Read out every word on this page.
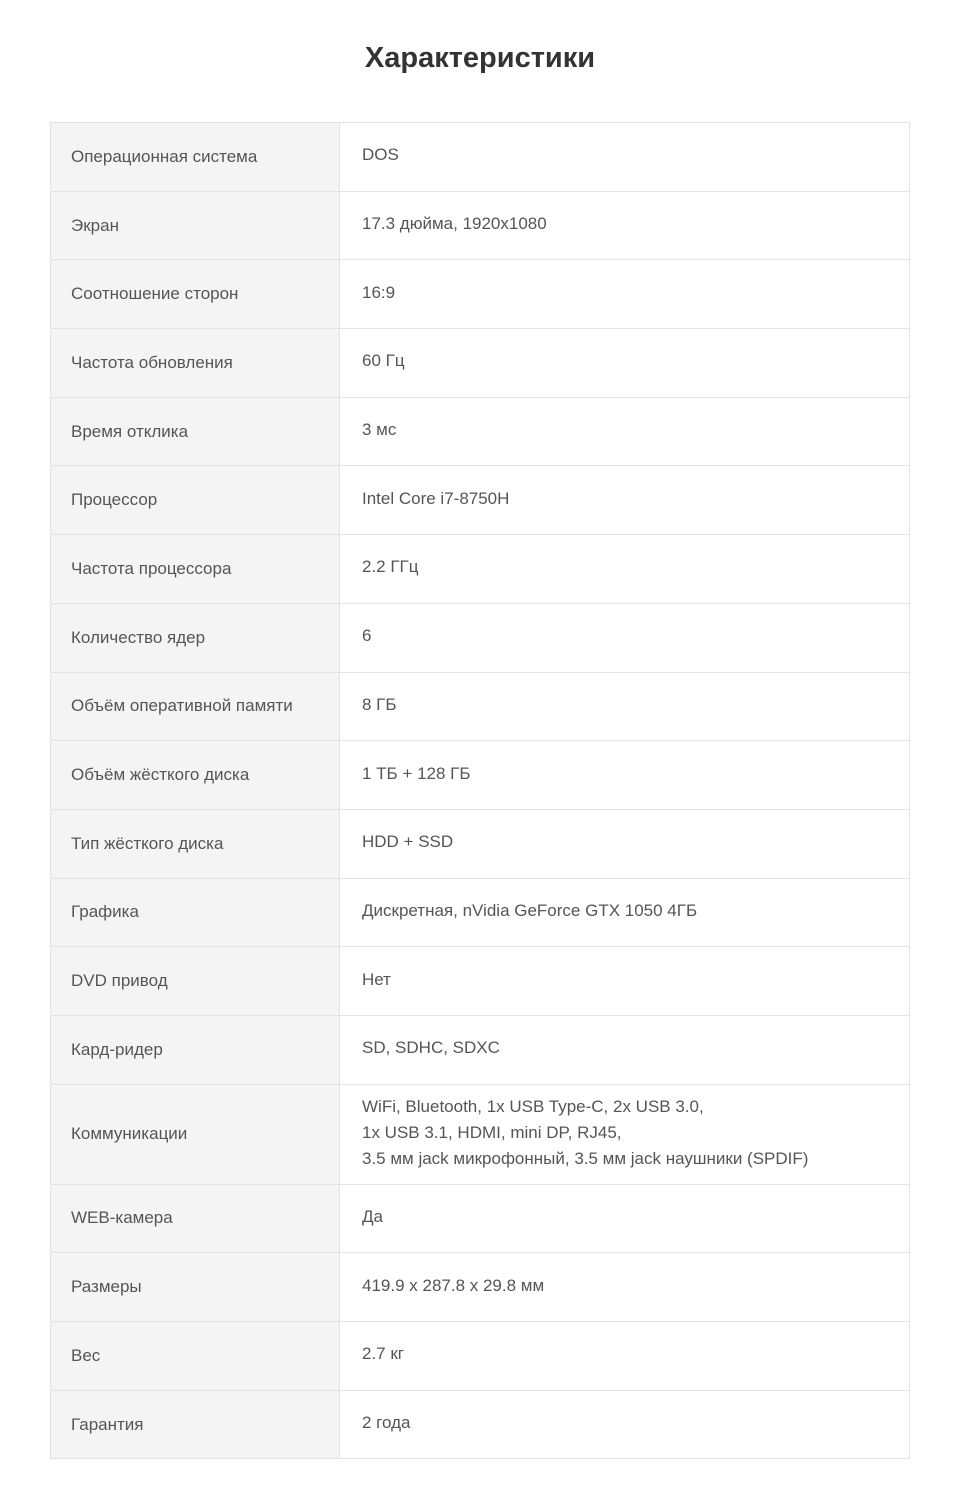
Характеристики
Операционная система	DOS

Экран	17.3 дюйма, 1920x1080

Соотношение сторон	16:9

Частота обновления	60 Гц

Время отклика	3 мс

Процессор	Intel Core i7-8750H

Частота процессора	2.2 ГГц

Количество ядер	6

Объём оперативной памяти	8 ГБ

Объём жёсткого диска	1 ТБ + 128 ГБ

Тип жёсткого диска	HDD + SSD

Графика	Дискретная, nVidia GeForce GTX 1050 4ГБ

DVD привод	Нет

Кард-ридер	SD, SDHC, SDXC

Коммуникации	WiFi, Bluetooth, 1x USB Type-C, 2x USB 3.0,
1x USB 3.1, HDMI, mini DP, RJ45,
3.5 мм jack микрофонный, 3.5 мм jack наушники (SPDIF)

WEB-камера	Да

Размеры	419.9 x 287.8 x 29.8 мм

Вес	2.7 кг

Гарантия	2 года
